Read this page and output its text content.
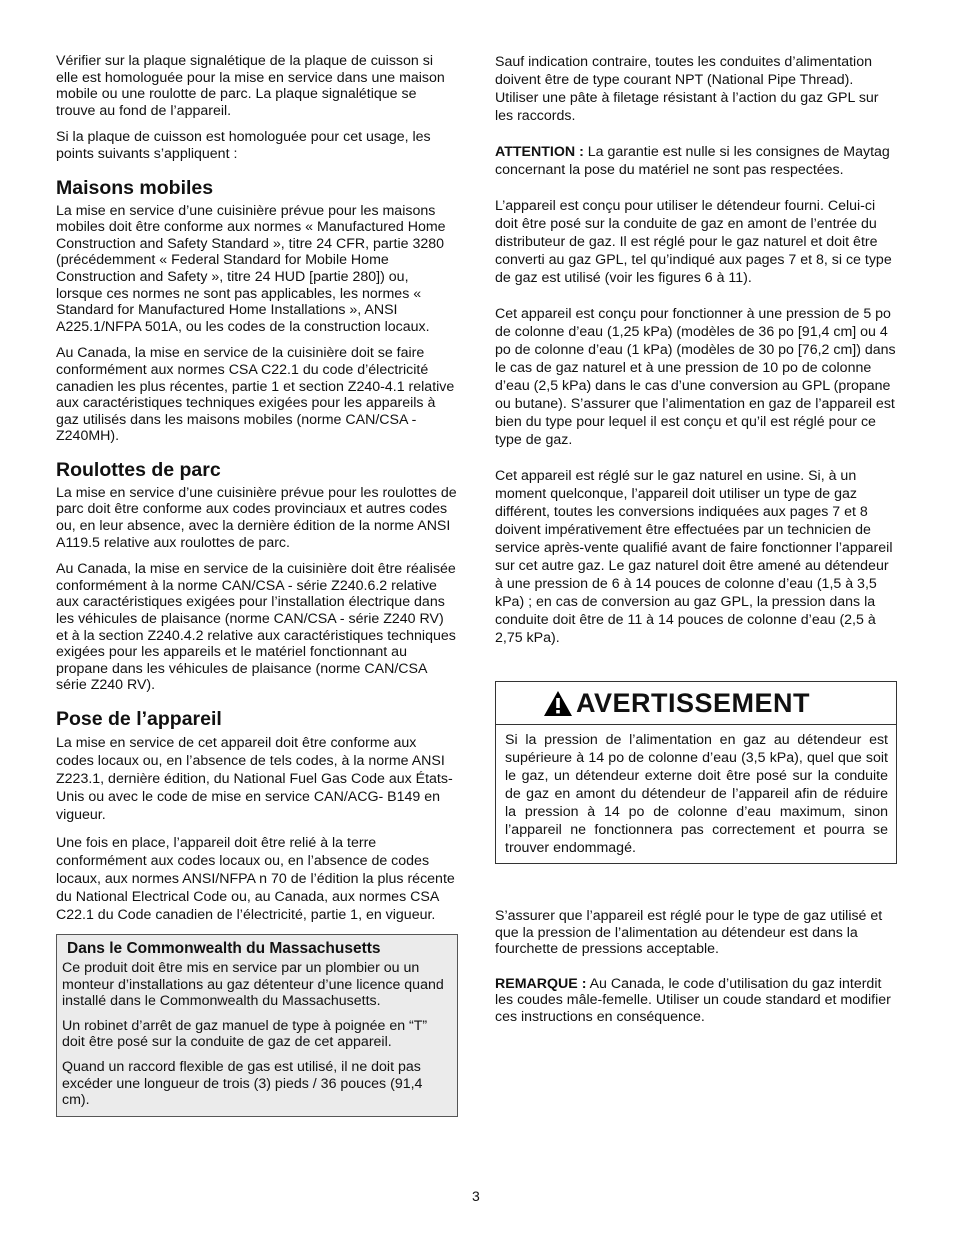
Vérifier sur la plaque signalétique de la plaque de cuisson si elle est homologuée pour la mise en service dans une maison mobile ou une roulotte de parc. La plaque signalétique se trouve au fond de l’appareil.

Si la plaque de cuisson est homologuée pour cet usage, les points suivants s’appliquent :

Maisons mobiles

La mise en service d’une cuisinière prévue pour les maisons mobiles doit être conforme aux normes « Manufactured Home Construction and Safety Standard », titre 24 CFR, partie 3280 (précédemment « Federal Standard for Mobile Home Construction and Safety », titre 24 HUD [partie 280]) ou, lorsque ces normes ne sont pas applicables, les normes « Standard for Manufactured Home Installations », ANSI A225.1/NFPA 501A, ou les codes de la construction locaux.

Au Canada, la mise en service de la cuisinière doit se faire conformément aux normes CSA C22.1 du code d’électricité canadien les plus récentes, partie 1 et section Z240-4.1 relative aux caractéristiques techniques exigées pour les appareils à gaz utilisés dans les maisons mobiles (norme CAN/CSA - Z240MH).

Roulottes de parc

La mise en service d’une cuisinière prévue pour les roulottes de parc doit être conforme aux codes provinciaux et autres codes ou, en leur absence, avec la dernière édition de la norme ANSI A119.5 relative aux roulottes de parc.

Au Canada, la mise en service de la cuisinière doit être réalisée conformément à la norme CAN/CSA - série Z240.6.2 relative aux caractéristiques exigées pour l’installation électrique dans les véhicules de plaisance (norme CAN/CSA - série Z240 RV) et à la section Z240.4.2 relative aux caractéristiques techniques exigées pour les appareils et le matériel fonctionnant au propane dans les véhicules de plaisance (norme CAN/CSA série Z240 RV).

Pose de l’appareil

La mise en service de cet appareil doit être conforme aux codes locaux ou, en l’absence de tels codes, à la norme ANSI Z223.1, dernière édition, du National Fuel Gas Code aux États-Unis ou avec le code de mise en service CAN/ACG- B149 en vigueur.

Une fois en place, l’appareil doit être relié à la terre conformément aux codes locaux ou, en l’absence de codes locaux, aux normes ANSI/NFPA n 70 de l’édition la plus récente du National Electrical Code ou, au Canada, aux normes CSA C22.1 du Code canadien de l’électricité, partie 1, en vigueur.

Dans le Commonwealth du Massachusetts

Ce produit doit être mis en service par un plombier ou un monteur d’installations au gaz détenteur d’une licence quand installé dans le Commonwealth du Massachusetts.

Un robinet d’arrêt de gaz manuel de type à poignée en “T” doit être posé sur la conduite de gaz de cet appareil.

Quand un raccord flexible de gas est utilisé, il ne doit pas excéder une longueur de trois (3) pieds / 36 pouces (91,4 cm).

Sauf indication contraire, toutes les conduites d’alimentation doivent être de type courant NPT (National Pipe Thread). Utiliser une pâte à filetage résistant à l’action du gaz GPL sur les raccords.

ATTENTION : La garantie est nulle si les consignes de Maytag concernant la pose du matériel ne sont pas respectées.

L’appareil est conçu pour utiliser le détendeur fourni. Celui-ci doit être posé sur la conduite de gaz en amont de l’entrée du distributeur de gaz. Il est réglé pour le gaz naturel et doit être converti au gaz GPL, tel qu’indiqué aux pages 7 et 8, si ce type de gaz est utilisé (voir les figures 6 à 11).

Cet appareil est conçu pour fonctionner à une pression de 5 po de colonne d’eau (1,25 kPa) (modèles de 36 po [91,4 cm] ou 4 po de colonne d’eau (1 kPa) (modèles de 30 po [76,2 cm]) dans le cas de gaz naturel et à une pression de 10 po de colonne d’eau (2,5 kPa) dans le cas d’une conversion au GPL (propane ou butane). S’assurer que l’alimentation en gaz de l’appareil est bien du type pour lequel il est conçu et qu’il est réglé pour ce type de gaz.

Cet appareil est réglé sur le gaz naturel en usine. Si, à un moment quelconque, l’appareil doit utiliser un type de gaz différent, toutes les conversions indiquées aux pages 7 et 8 doivent impérativement être effectuées par un technicien de service après-vente qualifié avant de faire fonctionner l’appareil sur cet autre gaz. Le gaz naturel doit être amené au détendeur à une pression de 6 à 14 pouces de colonne d’eau (1,5 à 3,5 kPa) ; en cas de conversion au gaz GPL, la pression dans la conduite doit être de 11 à 14 pouces de colonne d’eau (2,5 à 2,75 kPa).

AVERTISSEMENT

Si la pression de l’alimentation en gaz au détendeur est supérieure à 14 po de colonne d’eau (3,5 kPa), quel que soit le gaz, un détendeur externe doit être posé sur la conduite de gaz en amont du détendeur de l’appareil afin de réduire la pression à 14 po de colonne d’eau maximum, sinon l’appareil ne fonctionnera pas correctement et pourra se trouver endommagé.

S’assurer que l’appareil est réglé pour le type de gaz utilisé et que la pression de l’alimentation au détendeur est dans la fourchette de pressions acceptable.

REMARQUE : Au Canada, le code d’utilisation du gaz interdit les coudes mâle-femelle. Utiliser un coude standard et modifier ces instructions en conséquence.

3
